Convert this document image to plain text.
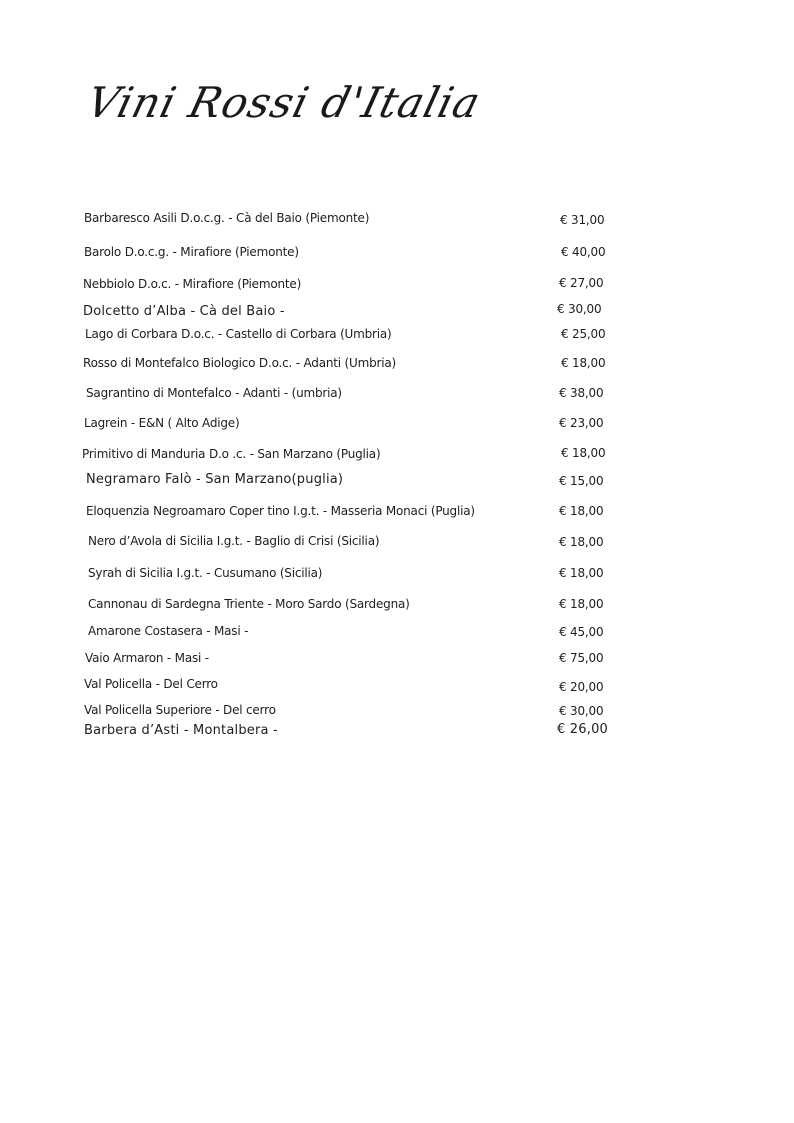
Vini Rossi d'Italia
Barbaresco Asili D.o.c.g. - Cà del Baio (Piemonte)
Barolo D.o.c.g. - Mirafiore (Piemonte)
Nebbiolo D.o.c. - Mirafiore (Piemonte)
Dolcetto d’Alba - Cà del Baio -
Lago di Corbara D.o.c. - Castello di Corbara (Umbria)
Rosso di Montefalco Biologico D.o.c. - Adanti (Umbria)
Sagrantino di Montefalco - Adanti - (umbria)
Lagrein - E&N ( Alto Adige)
Primitivo di Manduria D.o .c. - San Marzano (Puglia)
Negramaro Falò - San Marzano(puglia)
Eloquenzia Negroamaro Coper tino I.g.t. - Masseria Monaci (Puglia)
Nero d’Avola di Sicilia I.g.t. - Baglio di Crisi (Sicilia)
Syrah di Sicilia I.g.t. - Cusumano (Sicilia)
Cannonau di Sardegna Triente - Moro Sardo (Sardegna)
Amarone Costasera - Masi -
Vaio Armaron - Masi -
Val Policella - Del Cerro
Val Policella Superiore - Del cerro
Barbera d’Asti - Montalbera -
€ 31,00
€ 40,00
€ 27,00
€ 30,00
€ 25,00
€ 18,00
€ 38,00
€ 23,00
€ 18,00
€ 15,00
€ 18,00
€ 18,00
€ 18,00
€ 18,00
€ 45,00
€ 75,00
€ 20,00
€ 30,00
€ 26,00
